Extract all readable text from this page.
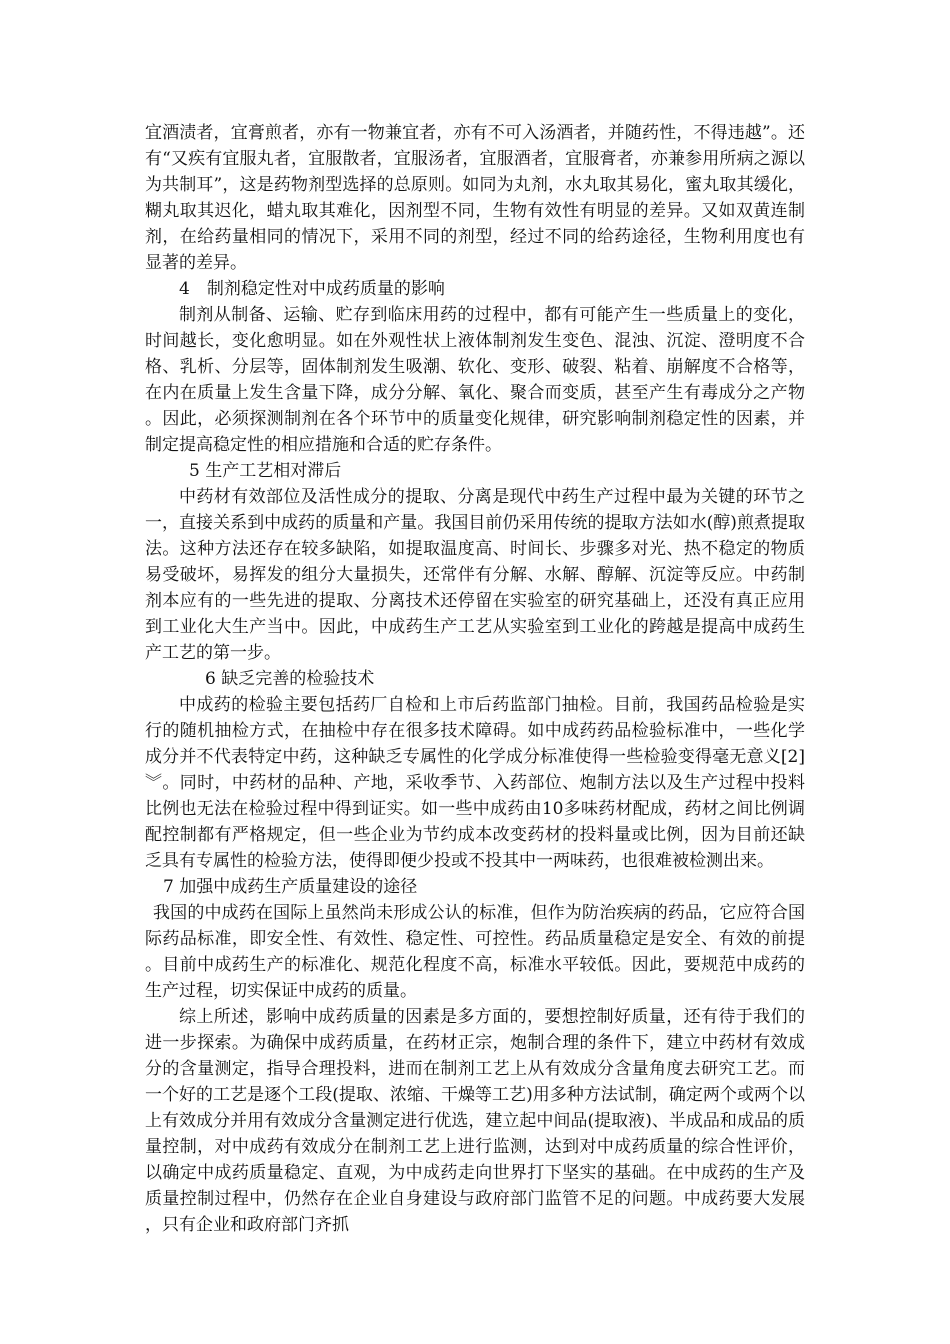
宜酒渍者，宜膏煎者，亦有一物兼宜者，亦有不可入汤酒者，并随药性，不得违越”。还有“又疾有宜服丸者，宜服散者，宜服汤者，宜服酒者，宜服膏者，亦兼参用所病之源以为共制耳”，这是药物剂型选择的总原则。如同为丸剂，水丸取其易化，蜜丸取其缓化，糊丸取其迟化，蜡丸取其难化，因剂型不同，生物有效性有明显的差异。又如双黄连制剂，在给药量相同的情况下，采用不同的剂型，经过不同的给药途径，生物利用度也有显著的差异。

4　制剂稳定性对中成药质量的影响

制剂从制备、运输、贮存到临床用药的过程中，都有可能产生一些质量上的变化，时间越长，变化愈明显。如在外观性状上液体制剂发生变色、混浊、沉淀、澄明度不合格、乳析、分层等，固体制剂发生吸潮、软化、变形、破裂、粘着、崩解度不合格等，在内在质量上发生含量下降，成分分解、氧化、聚合而变质，甚至产生有毒成分之产物。因此，必须探测制剂在各个环节中的质量变化规律，研究影响制剂稳定性的因素，并制定提高稳定性的相应措施和合适的贮存条件。

5 生产工艺相对滞后

中药材有效部位及活性成分的提取、分离是现代中药生产过程中最为关键的环节之一，直接关系到中成药的质量和产量。我国目前仍采用传统的提取方法如水(醇)煎煮提取法。这种方法还存在较多缺陷，如提取温度高、时间长、步骤多对光、热不稳定的物质易受破坏，易挥发的组分大量损失，还常伴有分解、水解、醇解、沉淀等反应。中药制剂本应有的一些先进的提取、分离技术还停留在实验室的研究基础上，还没有真正应用到工业化大生产当中。因此，中成药生产工艺从实验室到工业化的跨越是提高中成药生产工艺的第一步。

6 缺乏完善的检验技术

中成药的检验主要包括药厂自检和上市后药监部门抽检。目前，我国药品检验是实行的随机抽检方式，在抽检中存在很多技术障碍。如中成药药品检验标准中，一些化学成分并不代表特定中药，这种缺乏专属性的化学成分标准使得一些检验变得毫无意义[2]︾。同时，中药材的品种、产地，采收季节、入药部位、炮制方法以及生产过程中投料比例也无法在检验过程中得到证实。如一些中成药由10多味药材配成，药材之间比例调配控制都有严格规定，但一些企业为节约成本改变药材的投料量或比例，因为目前还缺乏具有专属性的检验方法，使得即便少投或不投其中一两味药，也很难被检测出来。

7 加强中成药生产质量建设的途径

我国的中成药在国际上虽然尚未形成公认的标准，但作为防治疾病的药品，它应符合国际药品标准，即安全性、有效性、稳定性、可控性。药品质量稳定是安全、有效的前提。目前中成药生产的标准化、规范化程度不高，标准水平较低。因此，要规范中成药的生产过程，切实保证中成药的质量。

综上所述，影响中成药质量的因素是多方面的，要想控制好质量，还有待于我们的进一步探索。为确保中成药质量，在药材正宗，炮制合理的条件下，建立中药材有效成分的含量测定，指导合理投料，进而在制剂工艺上从有效成分含量角度去研究工艺。而一个好的工艺是逐个工段(提取、浓缩、干燥等工艺)用多种方法试制，确定两个或两个以上有效成分并用有效成分含量测定进行优选，建立起中间品(提取液)、半成品和成品的质量控制，对中成药有效成分在制剂工艺上进行监测，达到对中成药质量的综合性评价，以确定中成药质量稳定、直观，为中成药走向世界打下坚实的基础。在中成药的生产及质量控制过程中，仍然存在企业自身建设与政府部门监管不足的问题。中成药要大发展，只有企业和政府部门齐抓
